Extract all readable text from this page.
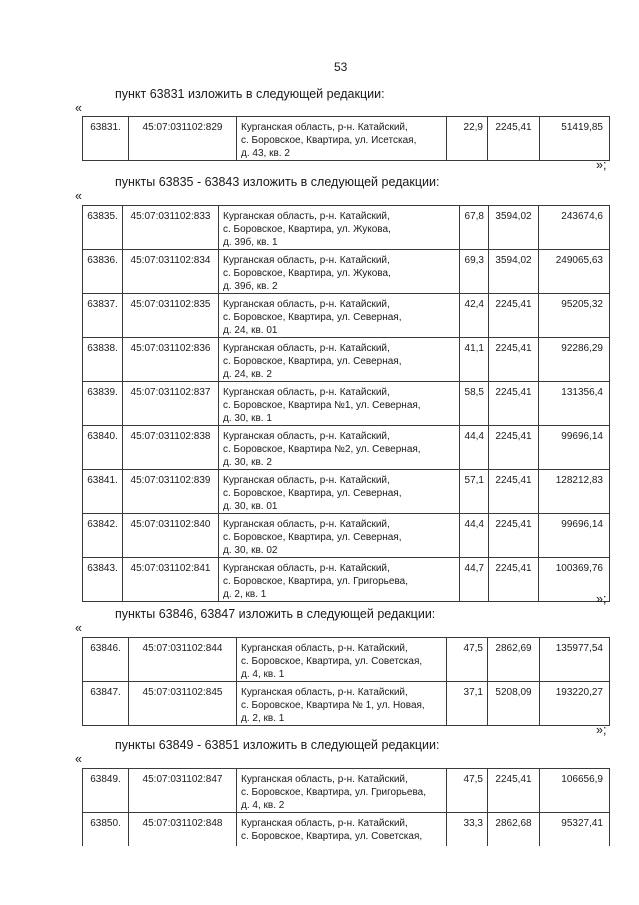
53
пункт 63831 изложить в следующей редакции:
«
63831.	45:07:031102:829	Курганская область, р-н. Катайский,
с. Боровское, Квартира, ул. Исетская,
д. 43, кв. 2
	22,9	2245,41	51419,85
»;
пункты 63835 - 63843 изложить в следующей редакции:
«
63835.	45:07:031102:833	Курганская область, р-н. Катайский,
с. Боровское, Квартира, ул. Жукова,
д. 39б, кв. 1	67,8	3594,02	243674,6
63836.	45:07:031102:834	Курганская область, р-н. Катайский,
с. Боровское, Квартира, ул. Жукова,
д. 39б, кв. 2	69,3	3594,02	249065,63
63837.	45:07:031102:835	Курганская область, р-н. Катайский,
с. Боровское, Квартира, ул. Северная,
д. 24, кв. 01	42,4	2245,41	95205,32
63838.	45:07:031102:836	Курганская область, р-н. Катайский,
с. Боровское, Квартира, ул. Северная,
д. 24, кв. 2	41,1	2245,41	92286,29
63839.	45:07:031102:837	Курганская область, р-н. Катайский,
с. Боровское, Квартира №1, ул. Северная,
д. 30, кв. 1	58,5	2245,41	131356,4
63840.	45:07:031102:838	Курганская область, р-н. Катайский,
с. Боровское, Квартира №2, ул. Северная,
д. 30, кв. 2	44,4	2245,41	99696,14
63841.	45:07:031102:839	Курганская область, р-н. Катайский,
с. Боровское, Квартира, ул. Северная,
д. 30, кв. 01	57,1	2245,41	128212,83
63842.	45:07:031102:840	Курганская область, р-н. Катайский,
с. Боровское, Квартира, ул. Северная,
д. 30, кв. 02	44,4	2245,41	99696,14
63843.	45:07:031102:841	Курганская область, р-н. Катайский,
с. Боровское, Квартира, ул. Григорьева,
д. 2, кв. 1	44,7	2245,41	100369,76
»;
пункты 63846, 63847 изложить в следующей редакции:
«
63846.	45:07:031102:844	Курганская область, р-н. Катайский,
с. Боровское, Квартира, ул. Советская,
д. 4, кв. 1	47,5	2862,69	135977,54
63847.	45:07:031102:845	Курганская область, р-н. Катайский,
с. Боровское, Квартира № 1, ул. Новая,
д. 2, кв. 1	37,1	5208,09	193220,27
»;
пункты 63849 - 63851 изложить в следующей редакции:
«
63849.	45:07:031102:847	Курганская область, р-н. Катайский,
с. Боровское, Квартира, ул. Григорьева,
д. 4, кв. 2	47,5	2245,41	106656,9
63850.	45:07:031102:848	Курганская область, р-н. Катайский,
с. Боровское, Квартира, ул. Советская,	33,3	2862,68	95327,41
